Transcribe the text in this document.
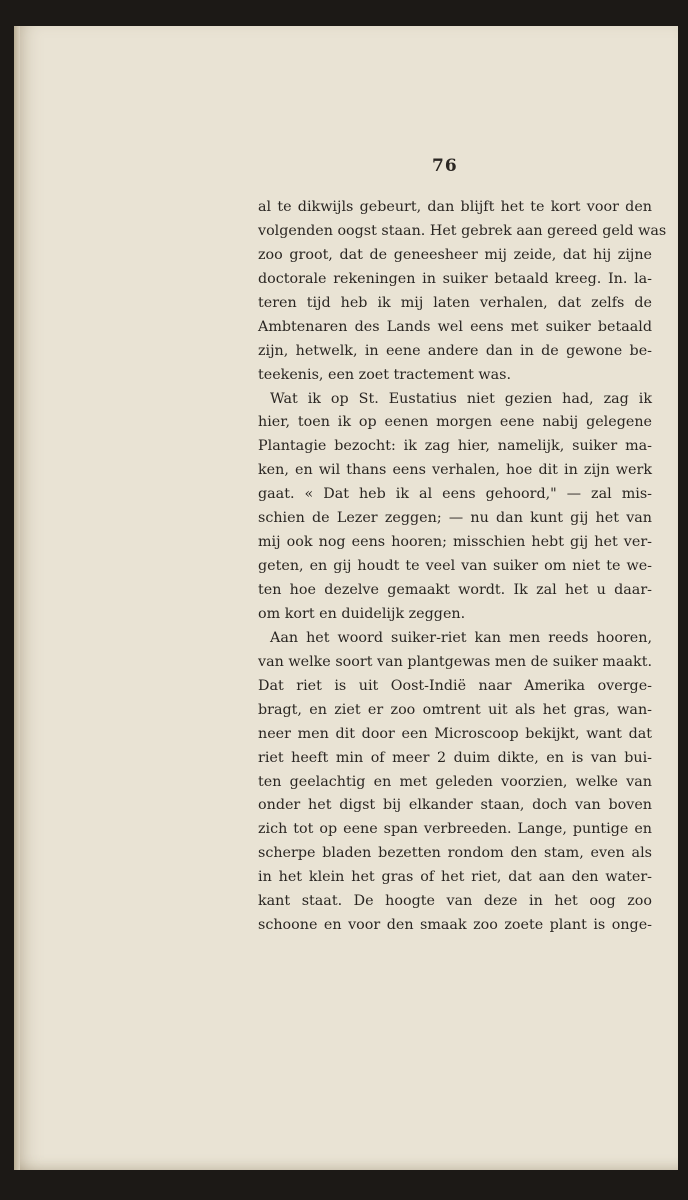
76
al te dikwijls gebeurt, dan blijft het te kort voor den
volgenden oogst staan. Het gebrek aan gereed geld was
zoo groot, dat de geneesheer mij zeide, dat hij zijne
doctorale rekeningen in suiker betaald kreeg. In. la-
teren tijd heb ik mij laten verhalen, dat zelfs de
Ambtenaren des Lands wel eens met suiker betaald
zijn, hetwelk, in eene andere dan in de gewone be-
teekenis, een zoet tractement was.
Wat ik op St. Eustatius niet gezien had, zag ik
hier, toen ik op eenen morgen eene nabij gelegene
Plantagie bezocht: ik zag hier, namelijk, suiker ma-
ken, en wil thans eens verhalen, hoe dit in zijn werk
gaat. « Dat heb ik al eens gehoord," — zal mis-
schien de Lezer zeggen; — nu dan kunt gij het van
mij ook nog eens hooren; misschien hebt gij het ver-
geten, en gij houdt te veel van suiker om niet te we-
ten hoe dezelve gemaakt wordt. Ik zal het u daar-
om kort en duidelijk zeggen.
Aan het woord suiker-riet kan men reeds hooren,
van welke soort van plantgewas men de suiker maakt.
Dat riet is uit Oost-Indië naar Amerika overge-
bragt, en ziet er zoo omtrent uit als het gras, wan-
neer men dit door een Microscoop bekijkt, want dat
riet heeft min of meer 2 duim dikte, en is van bui-
ten geelachtig en met geleden voorzien, welke van
onder het digst bij elkander staan, doch van boven
zich tot op eene span verbreeden. Lange, puntige en
scherpe bladen bezetten rondom den stam, even als
in het klein het gras of het riet, dat aan den water-
kant staat. De hoogte van deze in het oog zoo
schoone en voor den smaak zoo zoete plant is onge-
